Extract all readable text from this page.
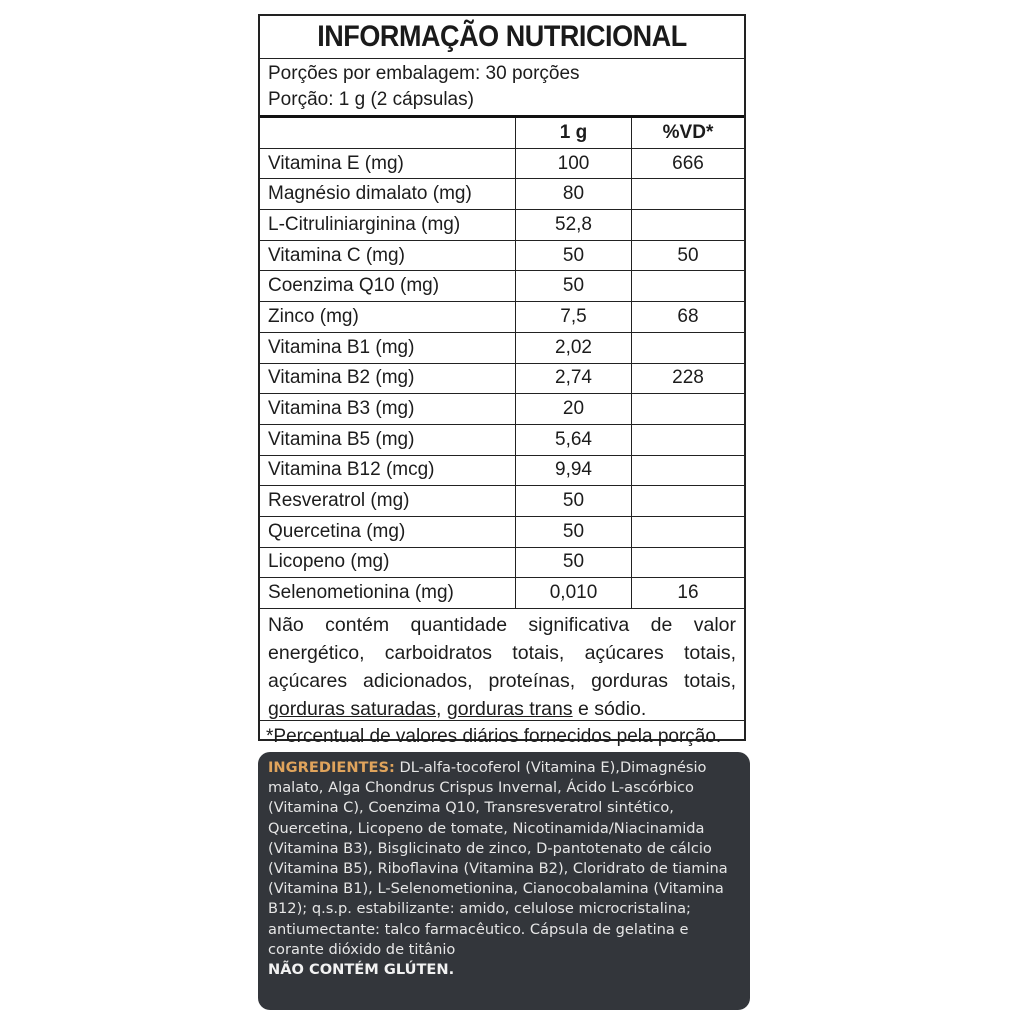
INFORMAÇÃO NUTRICIONAL
Porções por embalagem: 30 porções
Porção: 1 g (2 cápsulas)
	1 g	%VD*
Vitamina E (mg)	100	666
Magnésio dimalato (mg)	80	
L-Citruliniarginina (mg)	52,8	
Vitamina C (mg)	50	50
Coenzima Q10 (mg)	50	
Zinco (mg)	7,5	68
Vitamina B1 (mg)	2,02	
Vitamina B2 (mg)	2,74	228
Vitamina B3 (mg)	20	
Vitamina B5 (mg)	5,64	
Vitamina B12 (mcg)	9,94	
Resveratrol (mg)	50	
Quercetina (mg)	50	
Licopeno (mg)	50	
Selenometionina (mg)	0,010	16
Não contém quantidade significativa de valor energético, carboidratos totais, açúcares totais, açúcares adicionados, proteínas, gorduras totais, gorduras saturadas, gorduras trans e sódio.
*Percentual de valores diários fornecidos pela porção.
INGREDIENTES: DL-alfa-tocoferol (Vitamina E),Dimagnésio malato, Alga Chondrus Crispus Invernal, Ácido L-ascórbico (Vitamina C), Coenzima Q10, Transresveratrol sintético, Quercetina, Licopeno de tomate, Nicotinamida/Niacinamida (Vitamina B3), Bisglicinato de zinco, D-pantotenato de cálcio (Vitamina B5), Riboflavina (Vitamina B2), Cloridrato de tiamina (Vitamina B1), L-Selenometionina, Cianocobalamina (Vitamina B12); q.s.p. estabilizante: amido, celulose microcristalina; antiumectante: talco farmacêutico. Cápsula de gelatina e corante dióxido de titânio
NÃO CONTÉM GLÚTEN.
